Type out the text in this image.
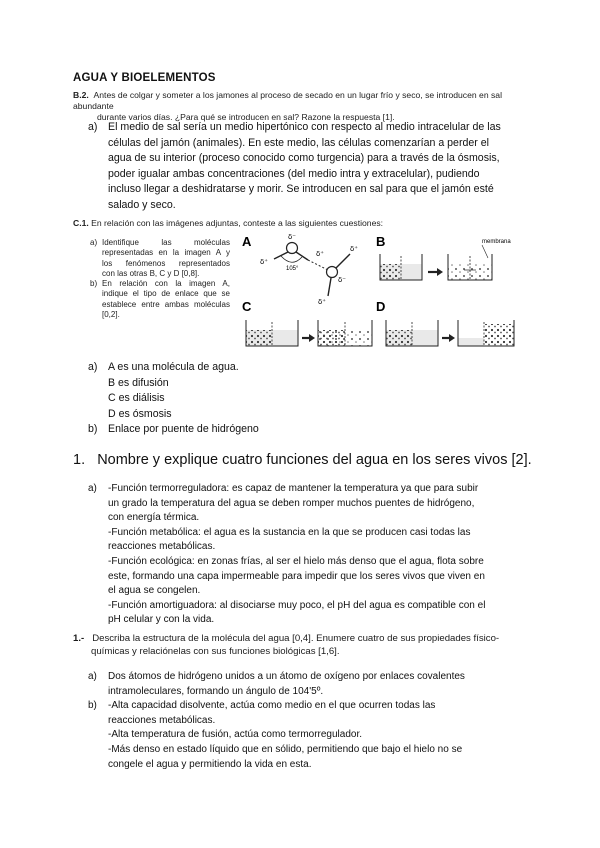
AGUA Y BIOELEMENTOS
B.2. Antes de colgar y someter a los jamones al proceso de secado en un lugar frío y seco, se introducen en sal abundante
durante varios días. ¿Para qué se introducen en sal? Razone la respuesta [1].
a) El medio de sal sería un medio hipertónico con respecto al medio intracelular de las
células del jamón (animales). En este medio, las células comenzarían a perder el
agua de su interior (proceso conocido como turgencia) para a través de la ósmosis,
poder igualar ambas concentraciones (del medio intra y extracelular), pudiendo
incluso llegar a deshidratarse y morir. Se introducen en sal para que el jamón esté
salado y seco.
C.1. En relación con las imágenes adjuntas, conteste a las siguientes cuestiones:
a) Identifique las moléculas
representadas en la imagen A y
los fenómenos representados
con las otras B, C y D [0,8].
b) En relación con la imagen A,
indique el tipo de enlace que se
establece entre ambas moléculas
[0,2].
A	δ⁻
δ⁺
105°
δ⁺
δ⁺
δ⁻
δ⁺
B	membrana
C	D
a) A es una molécula de agua.
B es difusión
C es diálisis
D es ósmosis
b) Enlace por puente de hidrógeno
1. Nombre y explique cuatro funciones del agua en los seres vivos [2].
a) -Función termorreguladora: es capaz de mantener la temperatura ya que para subir
un grado la temperatura del agua se deben romper muchos puentes de hidrógeno,
con energía térmica.
-Función metabólica: el agua es la sustancia en la que se producen casi todas las
reacciones metabólicas.
-Función ecológica: en zonas frías, al ser el hielo más denso que el agua, flota sobre
este, formando una capa impermeable para impedir que los seres vivos que viven en
el agua se congelen.
-Función amortiguadora: al disociarse muy poco, el pH del agua es compatible con el
pH celular y con la vida.
1.- Describa la estructura de la molécula del agua [0,4]. Enumere cuatro de sus propiedades físico-
químicas y relaciónelas con sus funciones biológicas [1,6].
a) Dos átomos de hidrógeno unidos a un átomo de oxígeno por enlaces covalentes
intramoleculares, formando un ángulo de 104'5º.
b) -Alta capacidad disolvente, actúa como medio en el que ocurren todas las
reacciones metabólicas.
-Alta temperatura de fusión, actúa como termorregulador.
-Más denso en estado líquido que en sólido, permitiendo que bajo el hielo no se
congele el agua y permitiendo la vida en esta.
